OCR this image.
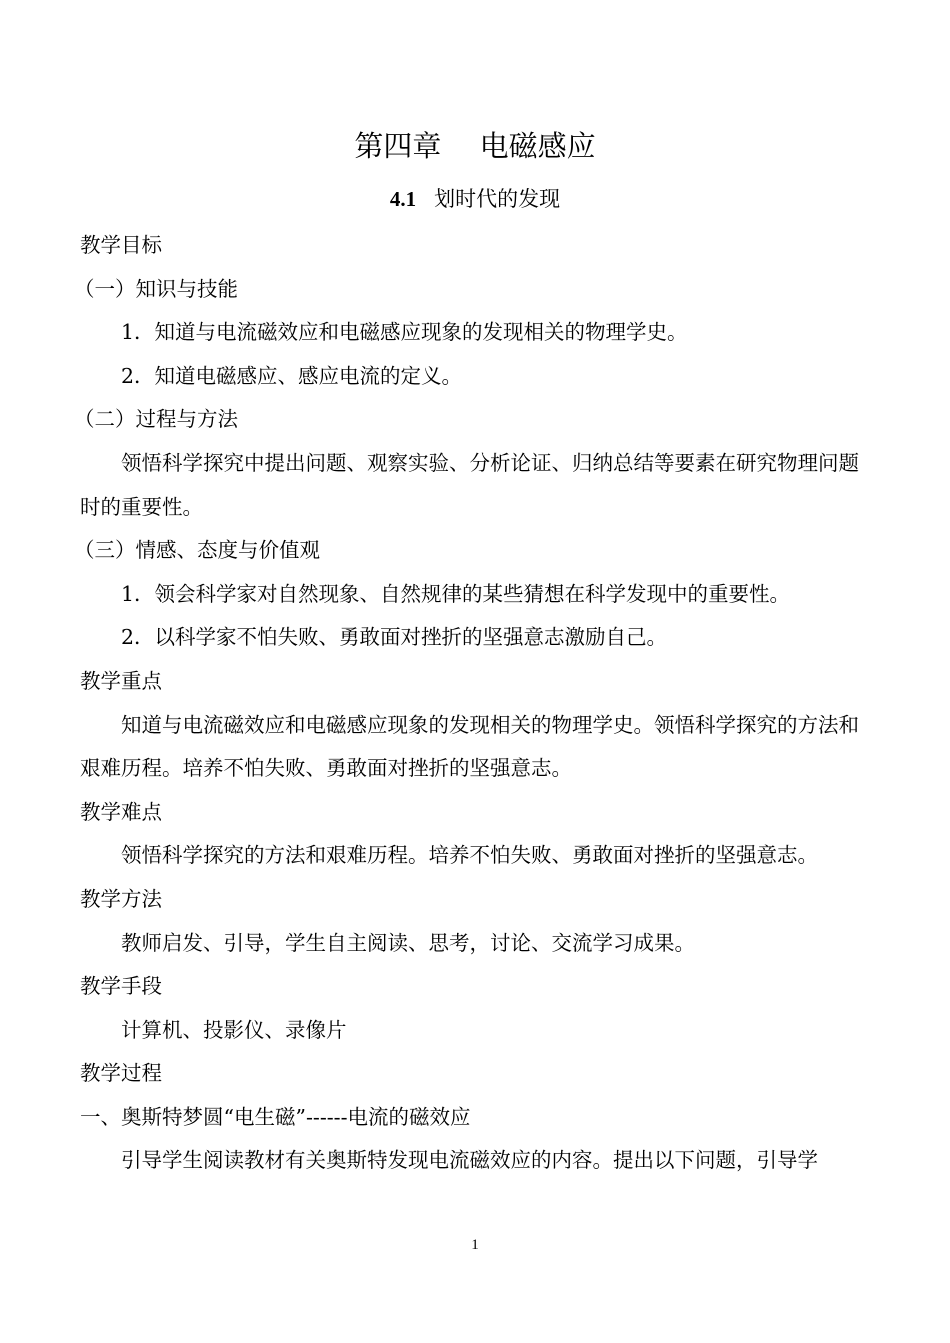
第四章　 电磁感应
4.1 划时代的发现

教学目标

（一）知识与技能

1．知道与电流磁效应和电磁感应现象的发现相关的物理学史。

2．知道电磁感应、感应电流的定义。

（二）过程与方法

领悟科学探究中提出问题、观察实验、分析论证、归纳总结等要素在研究物理问题时的重要性。

（三）情感、态度与价值观

1．领会科学家对自然现象、自然规律的某些猜想在科学发现中的重要性。

2．以科学家不怕失败、勇敢面对挫折的坚强意志激励自己。

教学重点

知道与电流磁效应和电磁感应现象的发现相关的物理学史。领悟科学探究的方法和艰难历程。培养不怕失败、勇敢面对挫折的坚强意志。

教学难点

领悟科学探究的方法和艰难历程。培养不怕失败、勇敢面对挫折的坚强意志。

教学方法

教师启发、引导，学生自主阅读、思考，讨论、交流学习成果。

教学手段

计算机、投影仪、录像片

教学过程

一、奥斯特梦圆“电生磁”------电流的磁效应

引导学生阅读教材有关奥斯特发现电流磁效应的内容。提出以下问题，引导学

1
